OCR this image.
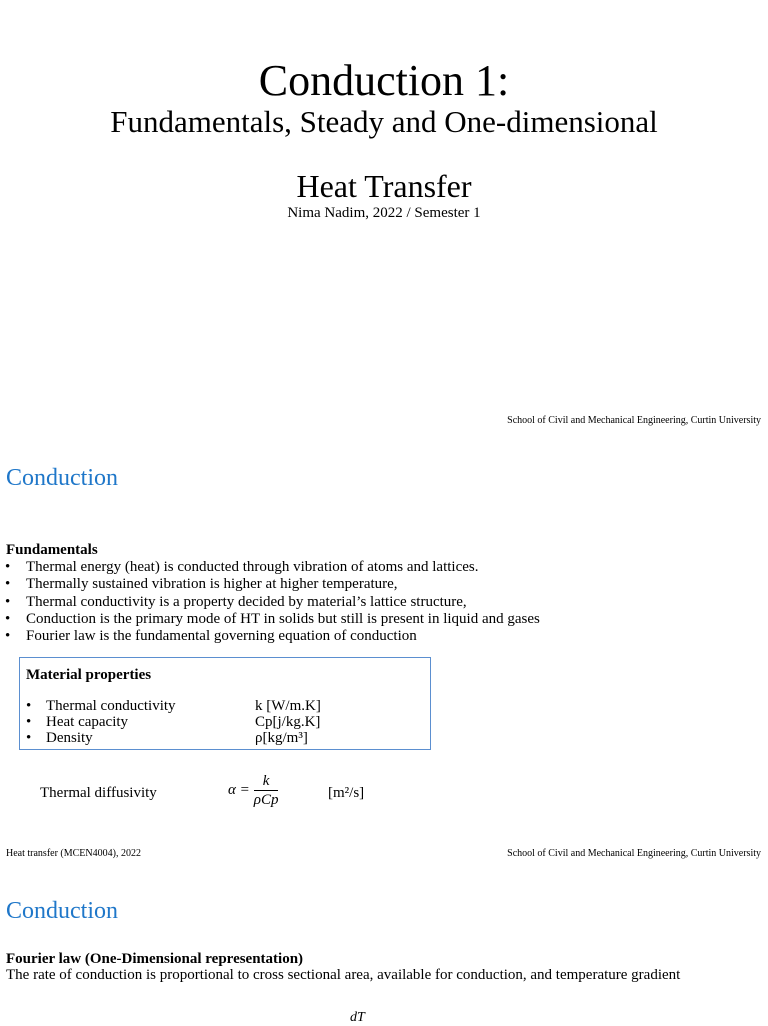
Conduction 1:
Fundamentals, Steady and One-dimensional
Heat Transfer
Nima Nadim, 2022 / Semester 1
School of Civil and Mechanical Engineering, Curtin University
Conduction
Fundamentals
• Thermal energy (heat) is conducted through vibration of atoms and lattices.
• Thermally sustained vibration is higher at higher temperature,
• Thermal conductivity is a property decided by material’s lattice structure,
• Conduction is the primary mode of HT in solids but still is present in liquid and gases
• Fourier law is the fundamental governing equation of conduction
Material properties
• Thermal conductivity	k [W/m.K]
• Heat capacity	Cp[j/kg.K]
• Density	ρ[kg/m³]
Thermal diffusivity	$\alpha = \frac{k}{\text{ρCp}}$	[m²/s]
Heat transfer (MCEN4004), 2022	School of Civil and Mechanical Engineering, Curtin University
Conduction
Fourier law (One-Dimensional representation)
The rate of conduction is proportional to cross sectional area, available for conduction, and temperature gradient
dT
